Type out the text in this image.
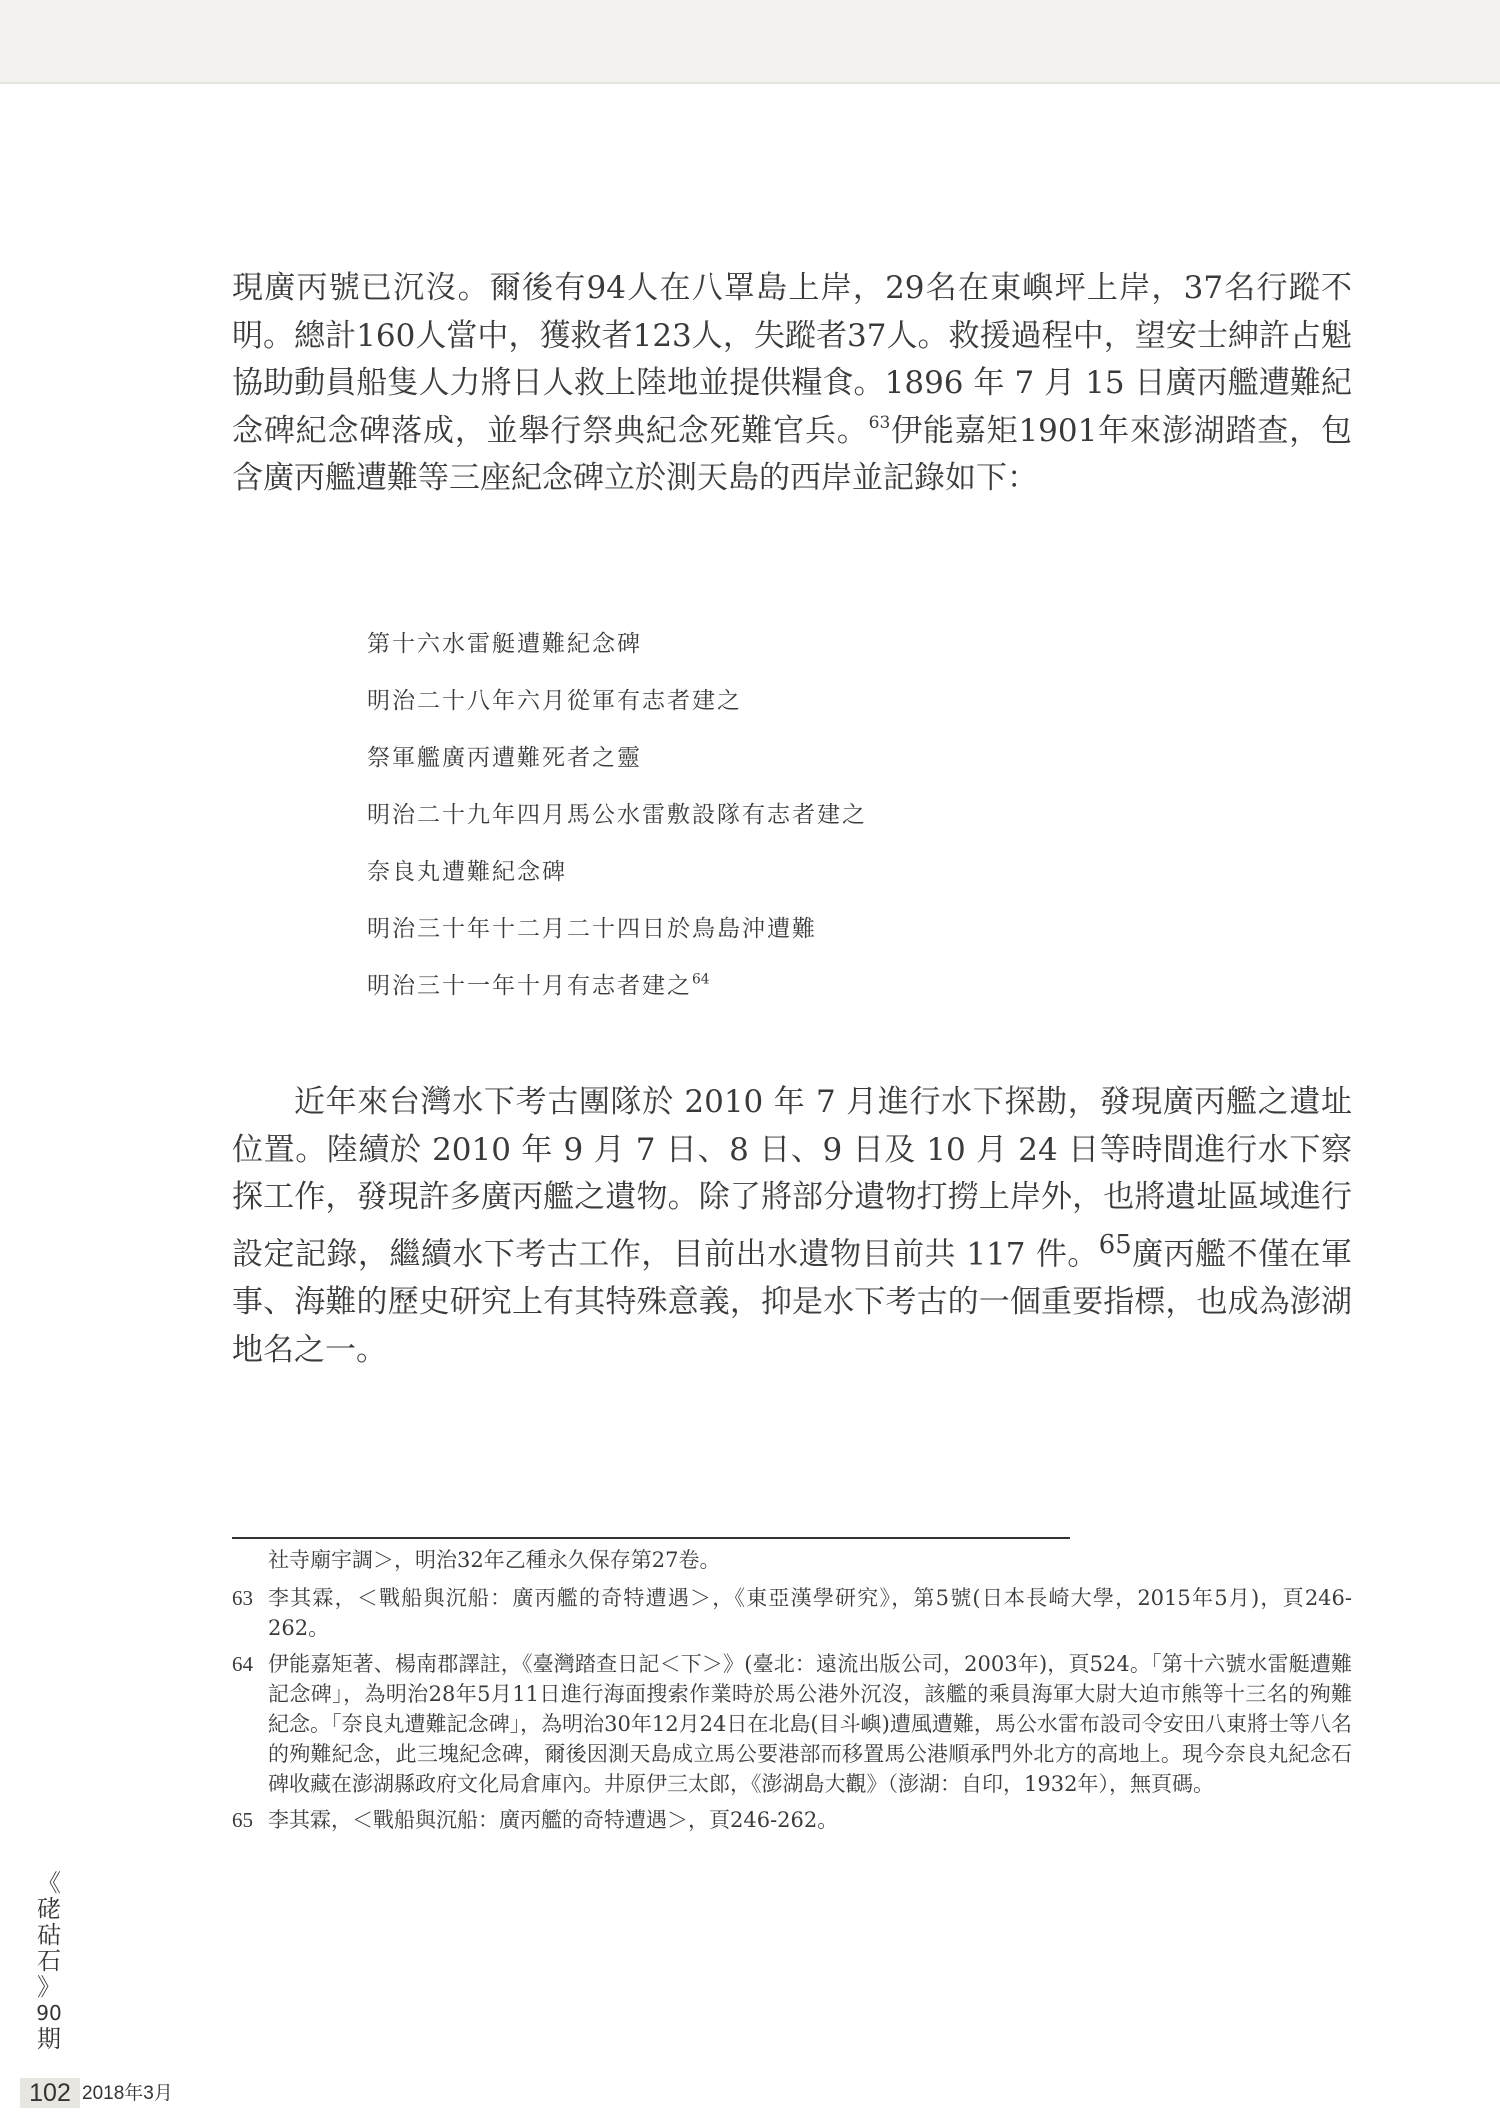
現廣丙號已沉沒。爾後有94人在八罩島上岸，29名在東嶼坪上岸，37名行蹤不明。總計160人當中，獲救者123人，失蹤者37人。救援過程中，望安士紳許占魁協助動員船隻人力將日人救上陸地並提供糧食。1896 年 7 月 15 日廣丙艦遭難紀念碑紀念碑落成，並舉行祭典紀念死難官兵。$^{63}$伊能嘉矩1901年來澎湖踏查，包含廣丙艦遭難等三座紀念碑立於測天島的西岸並記錄如下：

第十六水雷艇遭難紀念碑
明治二十八年六月從軍有志者建之
祭軍艦廣丙遭難死者之靈
明治二十九年四月馬公水雷敷設隊有志者建之
奈良丸遭難紀念碑
明治三十年十二月二十四日於鳥島沖遭難
明治三十一年十月有志者建之$^{64}$

近年來台灣水下考古團隊於 2010 年 7 月進行水下探勘，發現廣丙艦之遺址位置。陸續於 2010 年 9 月 7 日、8 日、9 日及 10 月 24 日等時間進行水下察探工作，發現許多廣丙艦之遺物。除了將部分遺物打撈上岸外，也將遺址區域進行設定記錄，繼續水下考古工作，目前出水遺物目前共 117 件。$^{65}$廣丙艦不僅在軍事、海難的歷史研究上有其特殊意義，抑是水下考古的一個重要指標，也成為澎湖地名之一。

社寺廟宇調＞，明治32年乙種永久保存第27卷。
63 李其霖，＜戰船與沉船：廣丙艦的奇特遭遇＞，《東亞漢學研究》，第5號(日本長崎大學，2015年5月)，頁246-262。
64 伊能嘉矩著、楊南郡譯註，《臺灣踏查日記＜下＞》(臺北：遠流出版公司，2003年)，頁524。「第十六號水雷艇遭難記念碑」，為明治28年5月11日進行海面搜索作業時於馬公港外沉沒，該艦的乘員海軍大尉大迫市熊等十三名的殉難紀念。「奈良丸遭難記念碑」，為明治30年12月24日在北島(目斗嶼)遭風遭難，馬公水雷布設司令安田八東將士等八名的殉難紀念，此三塊紀念碑，爾後因測天島成立馬公要港部而移置馬公港順承門外北方的高地上。現今奈良丸紀念石碑收藏在澎湖縣政府文化局倉庫內。井原伊三太郎，《澎湖島大觀》（澎湖：自印，1932年），無頁碼。
65 李其霖，＜戰船與沉船：廣丙艦的奇特遭遇＞，頁246-262。
《
硓
𥑮
石
》
90
期
102 2018年3月
